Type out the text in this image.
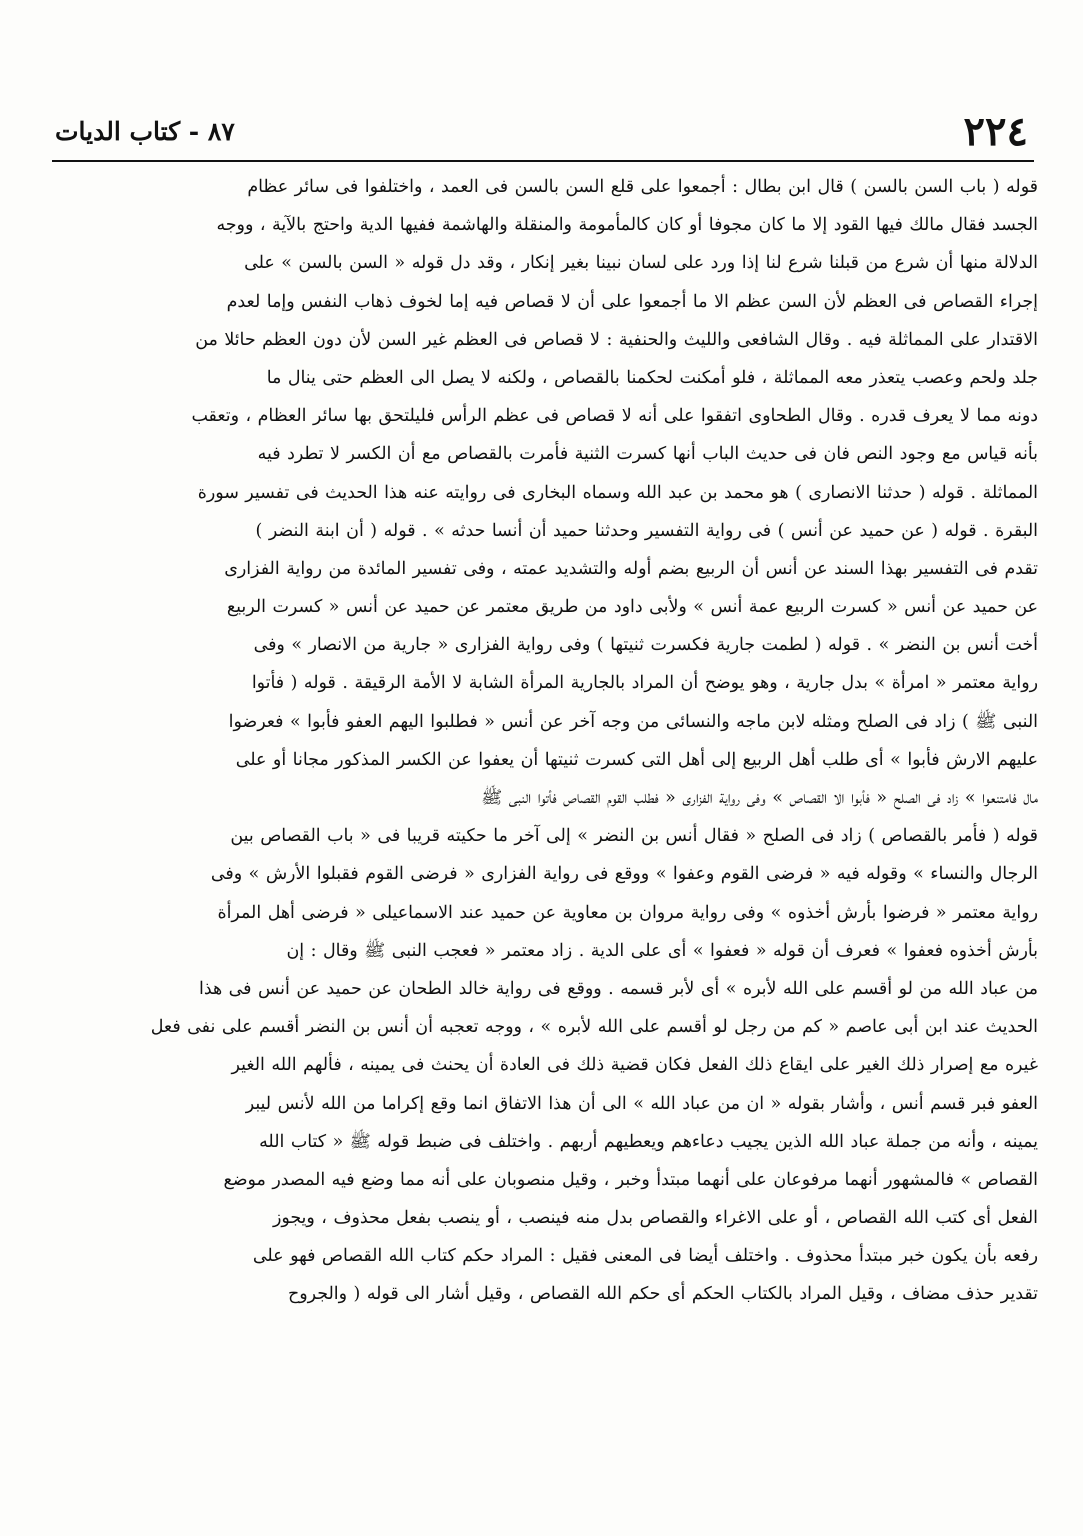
٢٢٤
٨٧ - كتاب الديات
قوله ( باب السن بالسن ) قال ابن بطال : أجمعوا على قلع السن بالسن فى العمد ، واختلفوا فى سائر عظام
الجسد فقال مالك فيها القود إلا ما كان مجوفا أو كان كالمأمومة والمنقلة والهاشمة ففيها الدية واحتج بالآية ، ووجه
الدلالة منها أن شرع من قبلنا شرع لنا إذا ورد على لسان نبينا بغير إنكار ، وقد دل قوله « السن بالسن » على
إجراء القصاص فى العظم لأن السن عظم الا ما أجمعوا على أن لا قصاص فيه إما لخوف ذهاب النفس وإما لعدم
الاقتدار على المماثلة فيه . وقال الشافعى والليث والحنفية : لا قصاص فى العظم غير السن لأن دون العظم حائلا من
جلد ولحم وعصب يتعذر معه المماثلة ، فلو أمكنت لحكمنا بالقصاص ، ولكنه لا يصل الى العظم حتى ينال ما
دونه مما لا يعرف قدره . وقال الطحاوى اتفقوا على أنه لا قصاص فى عظم الرأس فليلتحق بها سائر العظام ، وتعقب
بأنه قياس مع وجود النص فان فى حديث الباب أنها كسرت الثنية فأمرت بالقصاص مع أن الكسر لا تطرد فيه
المماثلة . قوله ( حدثنا الانصارى ) هو محمد بن عبد الله وسماه البخارى فى روايته عنه هذا الحديث فى تفسير سورة
البقرة . قوله ( عن حميد عن أنس ) فى رواية التفسير وحدثنا حميد أن أنسا حدثه » . قوله ( أن ابنة النضر )
تقدم فى التفسير بهذا السند عن أنس أن الربيع بضم أوله والتشديد عمته ، وفى تفسير المائدة من رواية الفزارى
عن حميد عن أنس « كسرت الربيع عمة أنس » ولأبى داود من طريق معتمر عن حميد عن أنس « كسرت الربيع
أخت أنس بن النضر » . قوله ( لطمت جارية فكسرت ثنيتها ) وفى رواية الفزارى « جارية من الانصار » وفى
رواية معتمر « امرأة » بدل جارية ، وهو يوضح أن المراد بالجارية المرأة الشابة لا الأمة الرقيقة . قوله ( فأتوا
النبى ﷺ ) زاد فى الصلح ومثله لابن ماجه والنسائى من وجه آخر عن أنس « فطلبوا اليهم العفو فأبوا » فعرضوا
عليهم الارش فأبوا » أى طلب أهل الربيع إلى أهل التى كسرت ثنيتها أن يعفوا عن الكسر المذكور مجانا أو على
مال فامتنعوا » زاد فى الصلح « فأبوا الا القصاص » وفى رواية الفزارى « فطلب القوم القصاص فأتوا النبى ﷺ
قوله ( فأمر بالقصاص ) زاد فى الصلح « فقال أنس بن النضر » إلى آخر ما حكيته قريبا فى « باب القصاص بين
الرجال والنساء » وقوله فيه « فرضى القوم وعفوا » ووقع فى رواية الفزارى « فرضى القوم فقبلوا الأرش » وفى
رواية معتمر « فرضوا بأرش أخذوه » وفى رواية مروان بن معاوية عن حميد عند الاسماعيلى « فرضى أهل المرأة
بأرش أخذوه فعفوا » فعرف أن قوله « فعفوا » أى على الدية . زاد معتمر « فعجب النبى ﷺ وقال : إن
من عباد الله من لو أقسم على الله لأبره » أى لأبر قسمه . ووقع فى رواية خالد الطحان عن حميد عن أنس فى هذا
الحديث عند ابن أبى عاصم « كم من رجل لو أقسم على الله لأبره » ، ووجه تعجبه أن أنس بن النضر أقسم على نفى فعل
غيره مع إصرار ذلك الغير على ايقاع ذلك الفعل فكان قضية ذلك فى العادة أن يحنث فى يمينه ، فألهم الله الغير
العفو فبر قسم أنس ، وأشار بقوله « ان من عباد الله » الى أن هذا الاتفاق انما وقع إكراما من الله لأنس ليبر
يمينه ، وأنه من جملة عباد الله الذين يجيب دعاءهم ويعطيهم أربهم . واختلف فى ضبط قوله ﷺ « كتاب الله
القصاص » فالمشهور أنهما مرفوعان على أنهما مبتدأ وخبر ، وقيل منصوبان على أنه مما وضع فيه المصدر موضع
الفعل أى كتب الله القصاص ، أو على الاغراء والقصاص بدل منه فينصب ، أو ينصب بفعل محذوف ، ويجوز
رفعه بأن يكون خبر مبتدأ محذوف . واختلف أيضا فى المعنى فقيل : المراد حكم كتاب الله القصاص فهو على
تقدير حذف مضاف ، وقيل المراد بالكتاب الحكم أى حكم الله القصاص ، وقيل أشار الى قوله ( والجروح
